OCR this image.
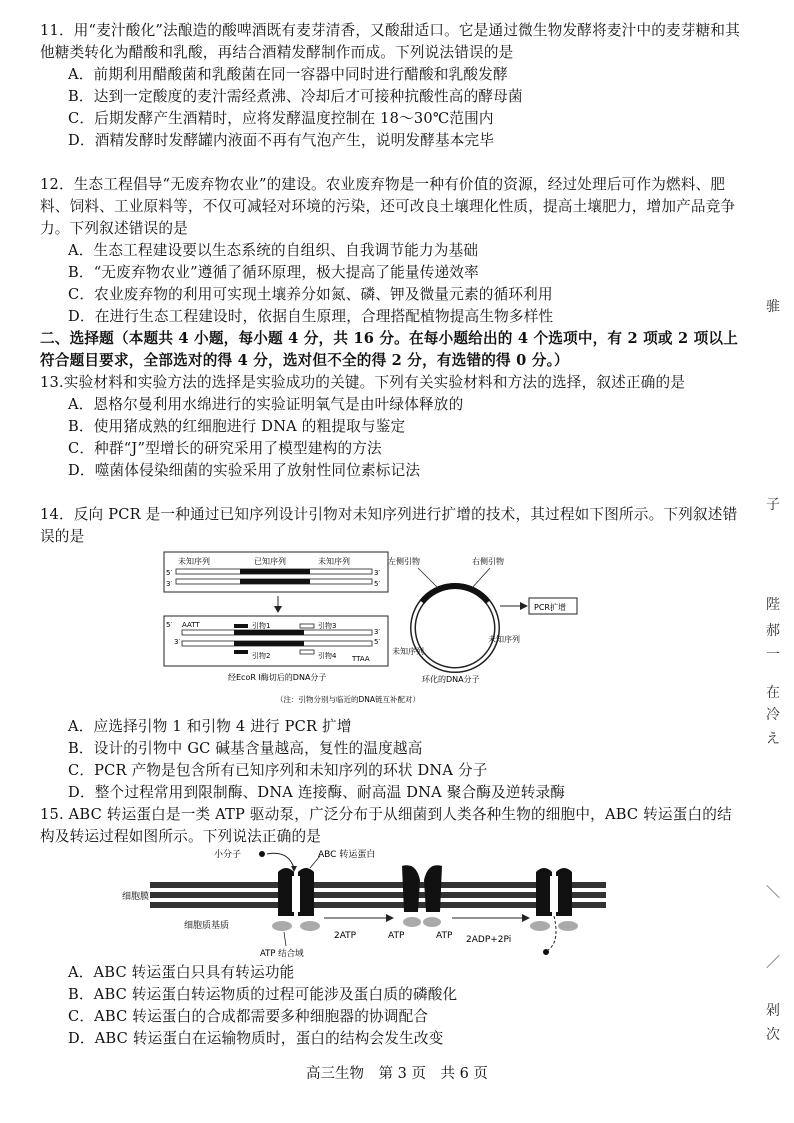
11．用“麦汁酸化”法酿造的酸啤酒既有麦芽清香，又酸甜适口。它是通过微生物发酵将麦汁中的麦芽糖和其他糖类转化为醋酸和乳酸，再结合酒精发酵制作而成。下列说法错误的是

A．前期利用醋酸菌和乳酸菌在同一容器中同时进行醋酸和乳酸发酵

B．达到一定酸度的麦汁需经煮沸、冷却后才可接种抗酸性高的酵母菌

C．后期发酵产生酒精时，应将发酵温度控制在 18～30℃范围内

D．酒精发酵时发酵罐内液面不再有气泡产生，说明发酵基本完毕

12．生态工程倡导“无废弃物农业”的建设。农业废弃物是一种有价值的资源，经过处理后可作为燃料、肥料、饲料、工业原料等，不仅可减轻对环境的污染，还可改良土壤理化性质，提高土壤肥力，增加产品竞争力。下列叙述错误的是

A．生态工程建设要以生态系统的自组织、自我调节能力为基础

B．“无废弃物农业”遵循了循环原理，极大提高了能量传递效率

C．农业废弃物的利用可实现土壤养分如氮、磷、钾及微量元素的循环利用

D．在进行生态工程建设时，依据自生原理，合理搭配植物提高生物多样性

二、选择题（本题共 4 小题，每小题 4 分，共 16 分。在每小题给出的 4 个选项中，有 2 项或 2 项以上符合题目要求，全部选对的得 4 分，选对但不全的得 2 分，有选错的得 0 分。）

13.实验材料和实验方法的选择是实验成功的关键。下列有关实验材料和方法的选择，叙述正确的是

A．恩格尔曼利用水绵进行的实验证明氧气是由叶绿体释放的

B．使用猪成熟的红细胞进行 DNA 的粗提取与鉴定

C．种群“J”型增长的研究采用了模型建构的方法

D．噬菌体侵染细菌的实验采用了放射性同位素标记法

14．反向 PCR 是一种通过已知序列设计引物对未知序列进行扩增的技术，其过程如下图所示。下列叙述错误的是

未知序列	已知序列	未知序列
5′	3′
3′	5′
5′ AATT
3′
3′	5′
TTAA
引物1	引物3
引物2	引物4
经EcoR Ⅰ酶切后的DNA分子
左侧引物	右侧引物
PCR扩增
未知序列
未知序列
环化的DNA分子
（注：引物分别与临近的DNA链互补配对）

A．应选择引物 1 和引物 4 进行 PCR 扩增

B．设计的引物中 GC 碱基含量越高，复性的温度越高

C．PCR 产物是包含所有已知序列和未知序列的环状 DNA 分子

D．整个过程常用到限制酶、DNA 连接酶、耐高温 DNA 聚合酶及逆转录酶

15. ABC 转运蛋白是一类 ATP 驱动泵，广泛分布于从细菌到人类各种生物的细胞中，ABC 转运蛋白的结构及转运过程如图所示。下列说法正确的是

细胞膜
细胞质基质
小分子	ABC 转运蛋白
ATP 结合域
2ATP	ATP	ATP 2ADP+2Pi

A．ABC 转运蛋白只具有转运功能

B．ABC 转运蛋白转运物质的过程可能涉及蛋白质的磷酸化

C．ABC 转运蛋白的合成都需要多种细胞器的协调配合

D．ABC 转运蛋白在运输物质时，蛋白的结构会发生改变

高三生物　第 3 页　共 6 页
骓
子
陛
郝
一
在
冷
え
＼
／
剁
次
